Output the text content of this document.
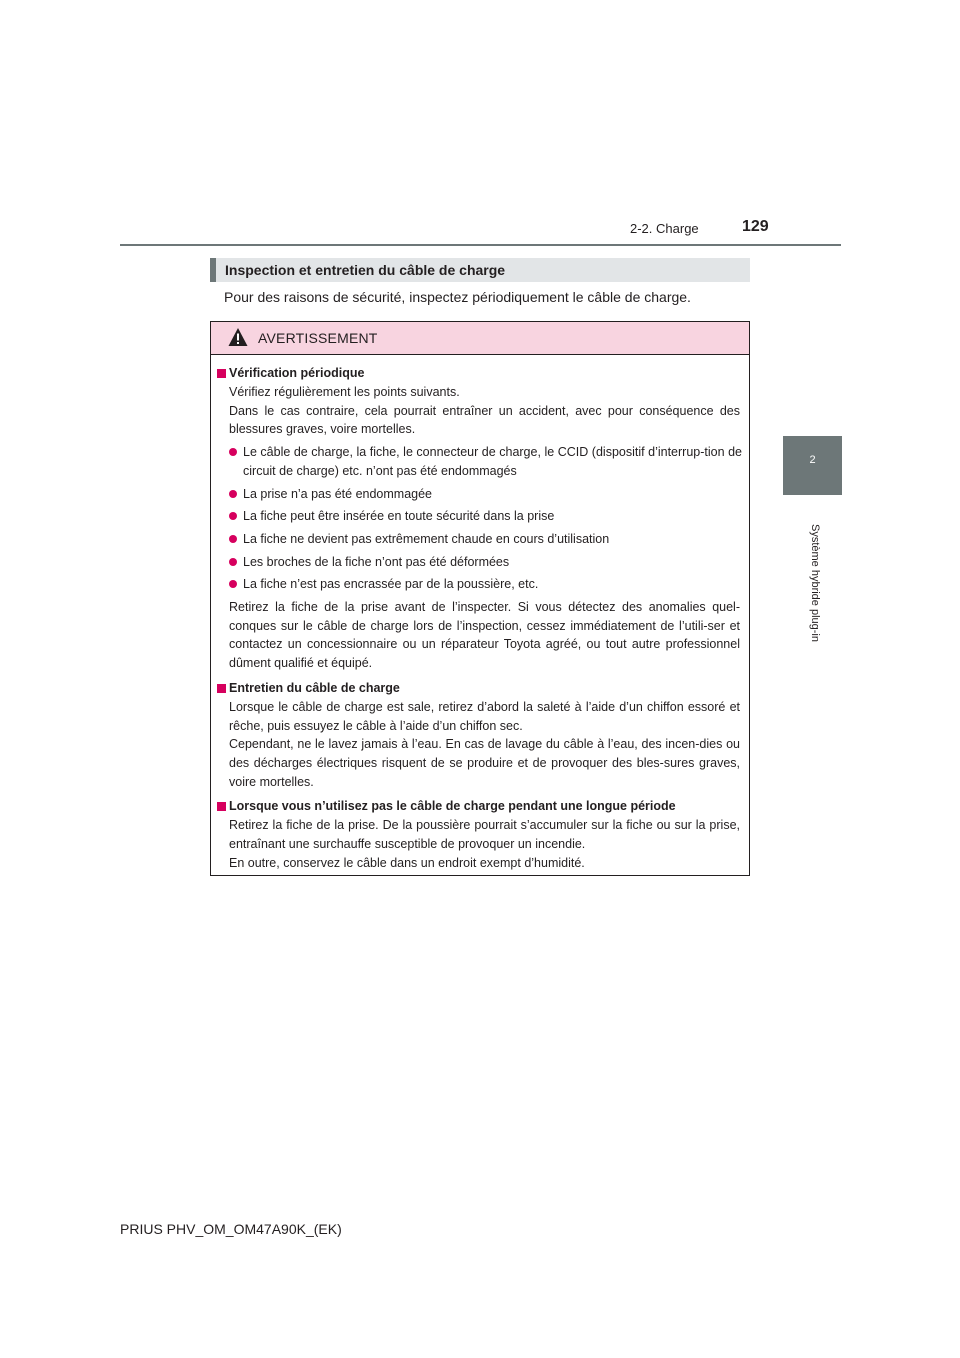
2-2. Charge	129
2
Système hybride plug-in
Inspection et entretien du câble de charge
Pour des raisons de sécurité, inspectez périodiquement le câble de charge.
AVERTISSEMENT
Vérification périodique

Vérifiez régulièrement les points suivants.
Dans le cas contraire, cela pourrait entraîner un accident, avec pour conséquence des blessures graves, voire mortelles.

Le câble de charge, la fiche, le connecteur de charge, le CCID (dispositif d’interrup-tion de circuit de charge) etc. n’ont pas été endommagés
La prise n’a pas été endommagée
La fiche peut être insérée en toute sécurité dans la prise
La fiche ne devient pas extrêmement chaude en cours d’utilisation
Les broches de la fiche n’ont pas été déformées
La fiche n’est pas encrassée par de la poussière, etc.

Retirez la fiche de la prise avant de l’inspecter. Si vous détectez des anomalies quel-conques sur le câble de charge lors de l’inspection, cessez immédiatement de l’utili-ser et contactez un concessionnaire ou un réparateur Toyota agréé, ou tout autre professionnel dûment qualifié et équipé.

Entretien du câble de charge

Lorsque le câble de charge est sale, retirez d’abord la saleté à l’aide d’un chiffon essoré et rêche, puis essuyez le câble à l’aide d’un chiffon sec.
Cependant, ne le lavez jamais à l’eau. En cas de lavage du câble à l’eau, des incen-dies ou des décharges électriques risquent de se produire et de provoquer des bles-sures graves, voire mortelles.

Lorsque vous n’utilisez pas le câble de charge pendant une longue période

Retirez la fiche de la prise. De la poussière pourrait s’accumuler sur la fiche ou sur la prise, entraînant une surchauffe susceptible de provoquer un incendie.
En outre, conservez le câble dans un endroit exempt d’humidité.

PRIUS PHV_OM_OM47A90K_(EK)
